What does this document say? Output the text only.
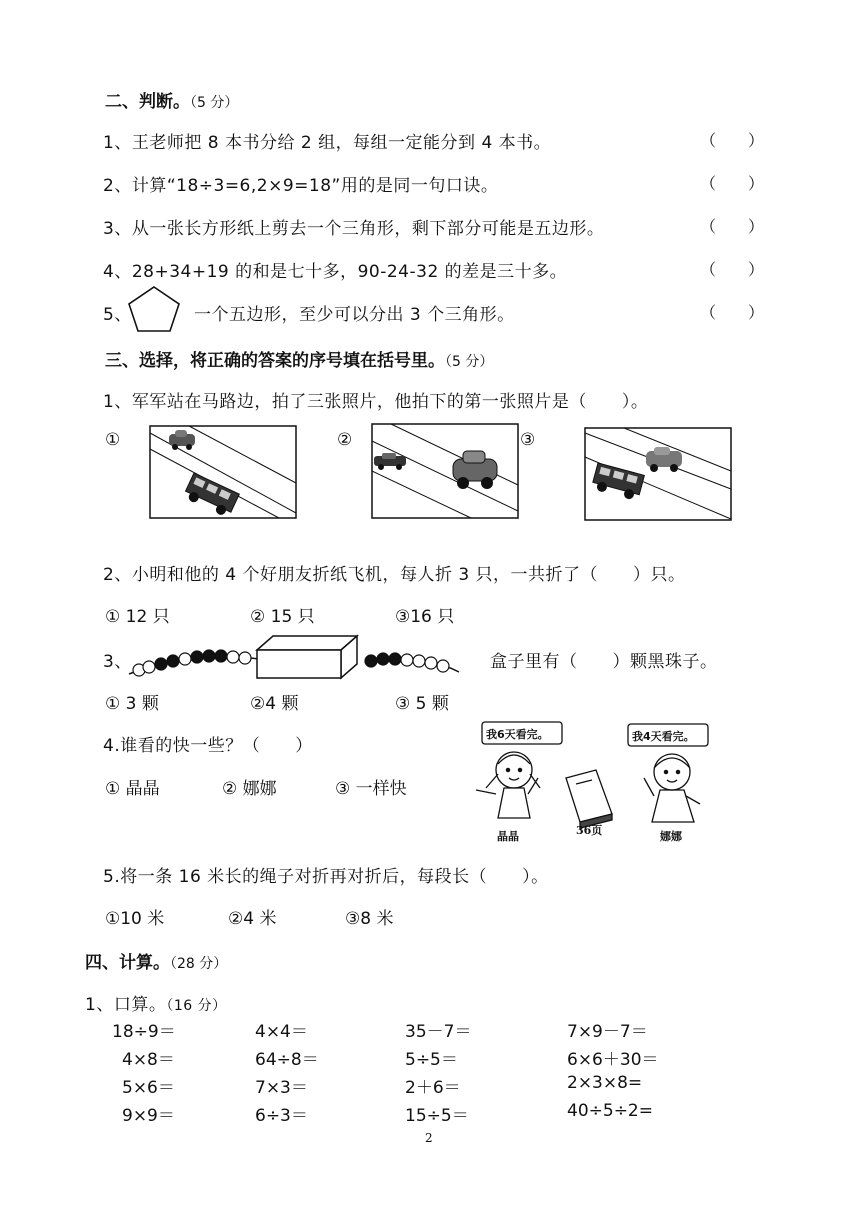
二、判断。（5 分）
1、王老师把 8 本书分给 2 组，每组一定能分到 4 本书。	（　　）
2、计算“18÷3=6,2×9=18”用的是同一句口诀。	（　　）
3、从一张长方形纸上剪去一个三角形，剩下部分可能是五边形。	（　　）
4、28+34+19 的和是七十多，90-24-32 的差是三十多。	（　　）
5、	一个五边形，至少可以分出 3 个三角形。	（　　）
三、选择，将正确的答案的序号填在括号里。（5 分）
1、军军站在马路边，拍了三张照片，他拍下的第一张照片是（　　）。
①	②	③
2、小明和他的 4 个好朋友折纸飞机，每人折 3 只，一共折了（　　）只。
① 12 只	② 15 只	③16 只
3、	盒子里有（　　）颗黑珠子。
① 3 颗	②4 颗	③ 5 颗
4.谁看的快一些？（　　）
① 晶晶	② 娜娜	③ 一样快
我6天看完。	我4天看完。
晶晶	36页	娜娜
5.将一条 16 米长的绳子对折再对折后，每段长（　　）。
①10 米	②4 米	③8 米
四、计算。（28 分）
1、口算。（16 分）
18÷9＝	4×4＝	35－7＝	7×9－7＝
4×8＝	64÷8＝	5÷5＝	6×6＋30＝
5×6＝	7×3＝	2＋6＝	2×3×8=
9×9＝	6÷3＝	15÷5＝	40÷5÷2=
2
